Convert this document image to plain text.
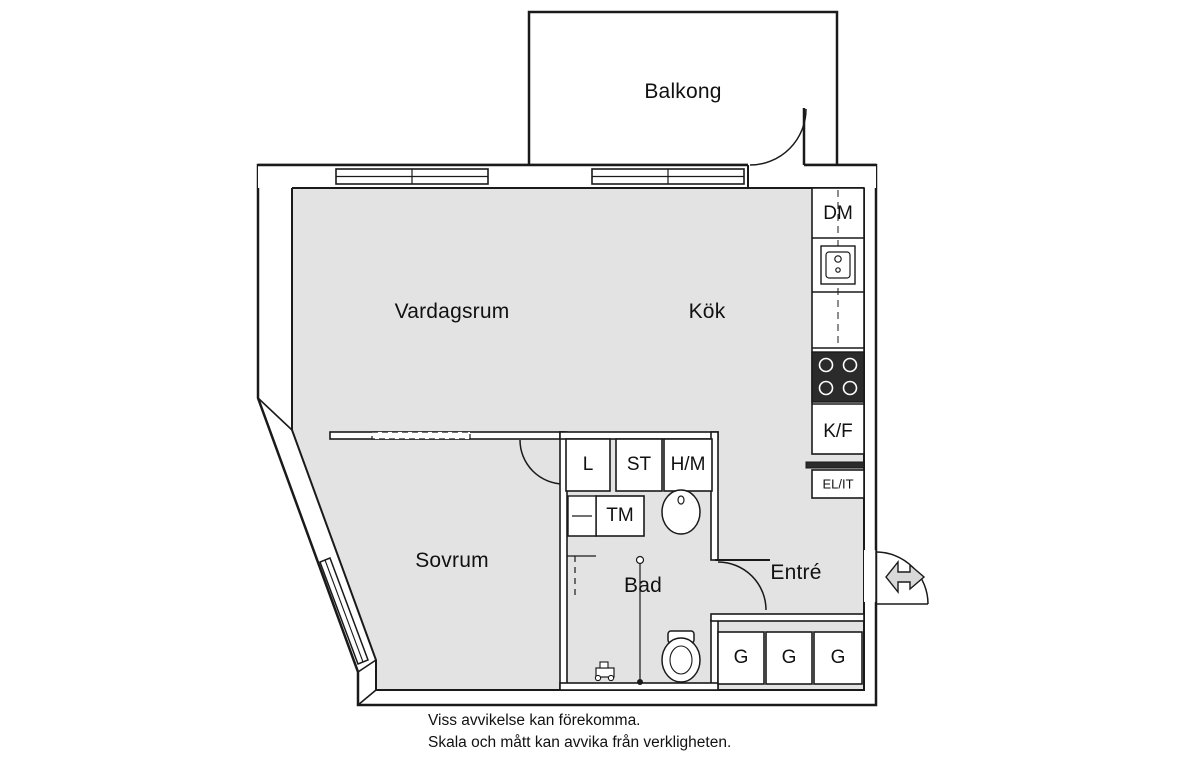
Balkong
Vardagsrum	Kök
Sovrum
Bad
Entré
DM
K/F
EL/IT
L ST H/M
TM
G G G
Viss avvikelse kan förekomma.
Skala och mått kan avvika från verkligheten.
